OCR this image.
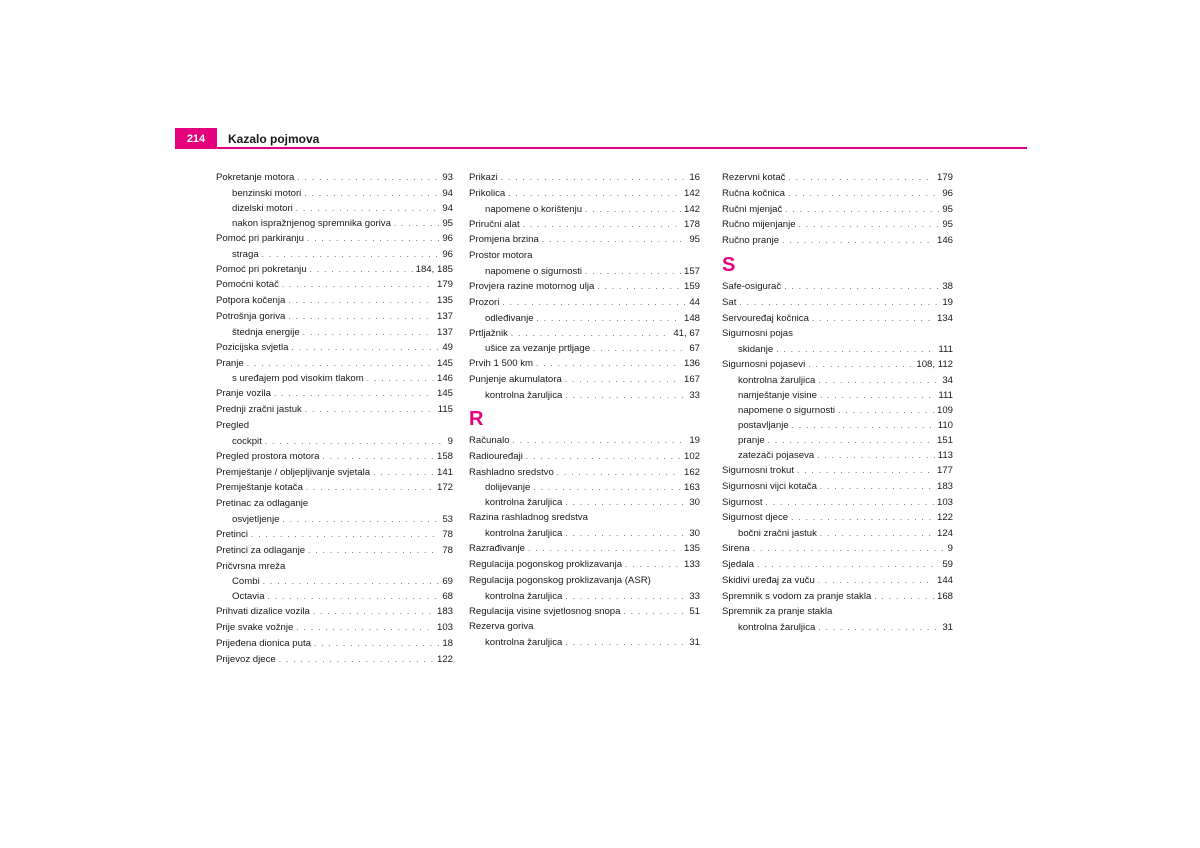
214	Kazalo pojmova
Pokretanje motora . . .	93
benzinski motori . . .	94
dizelski motori . . .	94
nakon ispražnjenog spremnika goriva . . .	95
Pomoć pri parkiranju . . .	96
straga . . .	96
Pomoć pri pokretanju . . .	184, 185
Pomoćni kotač . . .	179
Potpora kočenja . . .	135
Potrošnja goriva . . .	137
štednja energije . . .	137
Pozicijska svjetla . . .	49
Pranje . . .	145
s uređajem pod visokim tlakom . . .	146
Pranje vozila . . .	145
Prednji zračni jastuk . . .	115
Pregled
cockpit . . .	9
Pregled prostora motora . . .	158
Premještanje / obljepljivanje svjetala . . .	141
Premještanje kotača . . .	172
Pretinac za odlaganje
osvjetljenje . . .	53
Pretinci . . .	78
Pretinci za odlaganje . . .	78
Pričvrsna mreža
Combi . . .	69
Octavia . . .	68
Prihvati dizalice vozila . . .	183
Prije svake vožnje . . .	103
Prijeđena dionica puta . . .	18
Prijevoz djece . . .	122
Prikazi . . .	16
Prikolica . . .	142
napomene o korištenju . . .	142
Priručni alat . . .	178
Promjena brzina . . .	95
Prostor motora
napomene o sigurnosti . . .	157
Provjera razine motornog ulja . . .	159
Prozori . . .	44
odleđivanje . . .	148
Prtljažnik . . .	41, 67
ušice za vezanje prtljage . . .	67
Prvih 1 500 km . . .	136
Punjenje akumulatora . . .	167
kontrolna žaruljica . . .	33
R
Računalo . . .	19
Radiouređaji . . .	102
Rashladno sredstvo . . .	162
dolijevanje . . .	163
kontrolna žaruljica . . .	30
Razina rashladnog sredstva
kontrolna žaruljica . . .	30
Razrađivanje . . .	135
Regulacija pogonskog proklizavanja . . .	133
Regulacija pogonskog proklizavanja (ASR)
kontrolna žaruljica . . .	33
Regulacija visine svjetlosnog snopa . . .	51
Rezerva goriva
kontrolna žaruljica . . .	31
Rezervni kotač . . .	179
Ručna kočnica . . .	96
Ručni mjenjač . . .	95
Ručno mijenjanje . . .	95
Ručno pranje . . .	146
S
Safe-osigurač . . .	38
Sat . . .	19
Servouređaj kočnica . . .	134
Sigurnosni pojas
skidanje . . .	111
Sigurnosni pojasevi . . .	108, 112
kontrolna žaruljica . . .	34
namještanje visine . . .	111
napomene o sigurnosti . . .	109
postavljanje . . .	110
pranje . . .	151
zatezači pojaseva . . .	113
Sigurnosni trokut . . .	177
Sigurnosni vijci kotača . . .	183
Sigurnost . . .	103
Sigurnost djece . . .	122
bočni zračni jastuk . . .	124
Sirena . . .	9
Sjedala . . .	59
Skidivi uređaj za vuču . . .	144
Spremnik s vodom za pranje stakla . . .	168
Spremnik za pranje stakla
kontrolna žaruljica . . .	31
